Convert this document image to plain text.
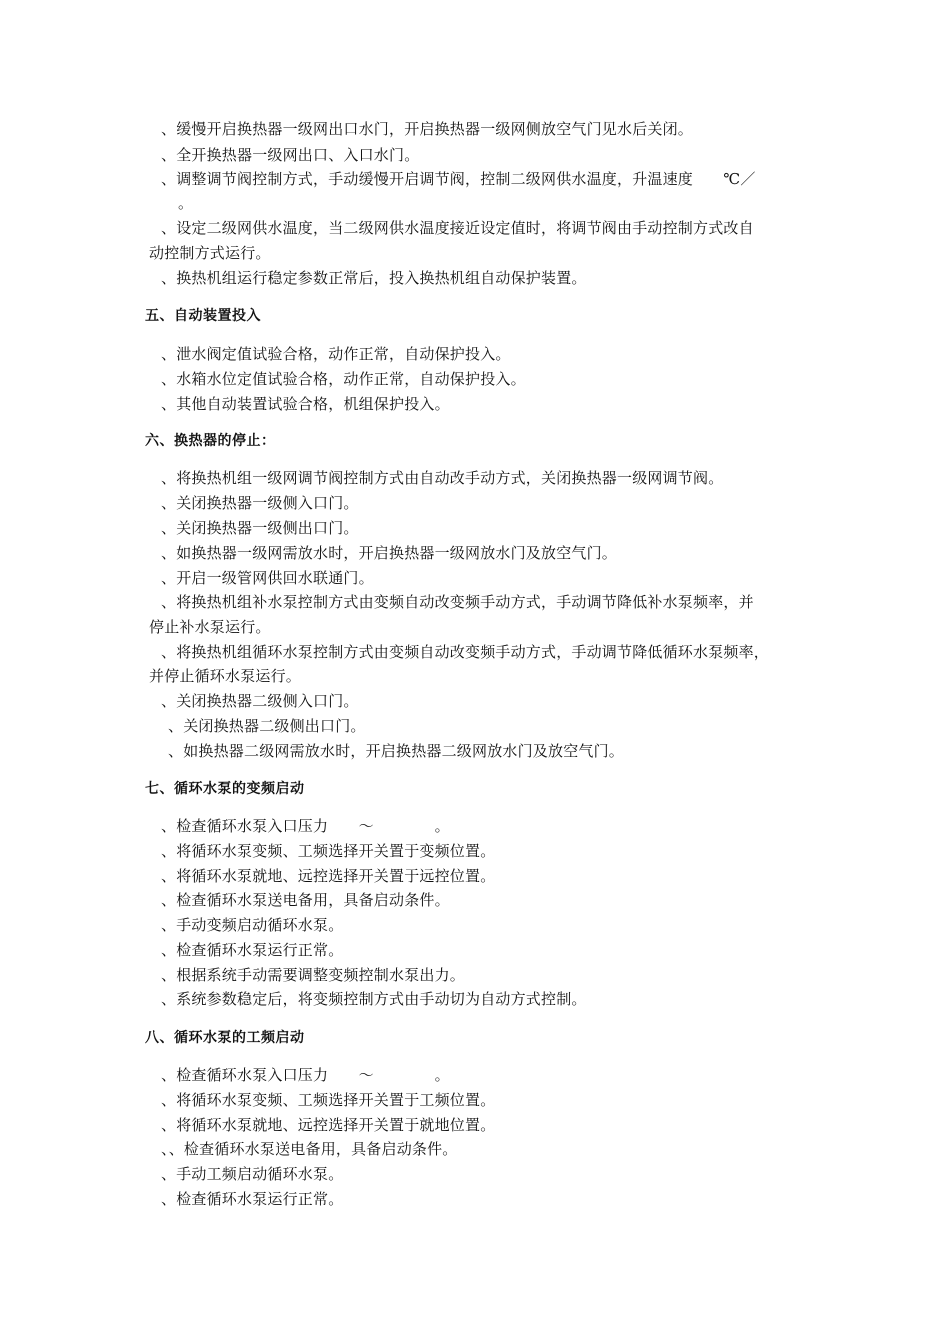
、缓慢开启换热器一级网出口水门，开启换热器一级网侧放空气门见水后关闭。
、全开换热器一级网出口、入口水门。
、调整调节阀控制方式，手动缓慢开启调节阀，控制二级网供水温度，升温速度　　℃／
。
、设定二级网供水温度，当二级网供水温度接近设定值时，将调节阀由手动控制方式改自
动控制方式运行。
、换热机组运行稳定参数正常后，投入换热机组自动保护装置。
五、自动装置投入
、泄水阀定值试验合格，动作正常，自动保护投入。
、水箱水位定值试验合格，动作正常，自动保护投入。
、其他自动装置试验合格，机组保护投入。
六、换热器的停止：
、将换热机组一级网调节阀控制方式由自动改手动方式，关闭换热器一级网调节阀。
、关闭换热器一级侧入口门。
、关闭换热器一级侧出口门。
、如换热器一级网需放水时，开启换热器一级网放水门及放空气门。
、开启一级管网供回水联通门。
、将换热机组补水泵控制方式由变频自动改变频手动方式，手动调节降低补水泵频率，并
停止补水泵运行。
、将换热机组循环水泵控制方式由变频自动改变频手动方式，手动调节降低循环水泵频率，
并停止循环水泵运行。
、关闭换热器二级侧入口门。
、关闭换热器二级侧出口门。
、如换热器二级网需放水时，开启换热器二级网放水门及放空气门。
七、循环水泵的变频启动
、检查循环水泵入口压力　　～　　　　。
、将循环水泵变频、工频选择开关置于变频位置。
、将循环水泵就地、远控选择开关置于远控位置。
、检查循环水泵送电备用，具备启动条件。
、手动变频启动循环水泵。
、检查循环水泵运行正常。
、根据系统手动需要调整变频控制水泵出力。
、系统参数稳定后，将变频控制方式由手动切为自动方式控制。
八、循环水泵的工频启动
、检查循环水泵入口压力　　～　　　　。
、将循环水泵变频、工频选择开关置于工频位置。
、将循环水泵就地、远控选择开关置于就地位置。
、、检查循环水泵送电备用，具备启动条件。
、手动工频启动循环水泵。
、检查循环水泵运行正常。
